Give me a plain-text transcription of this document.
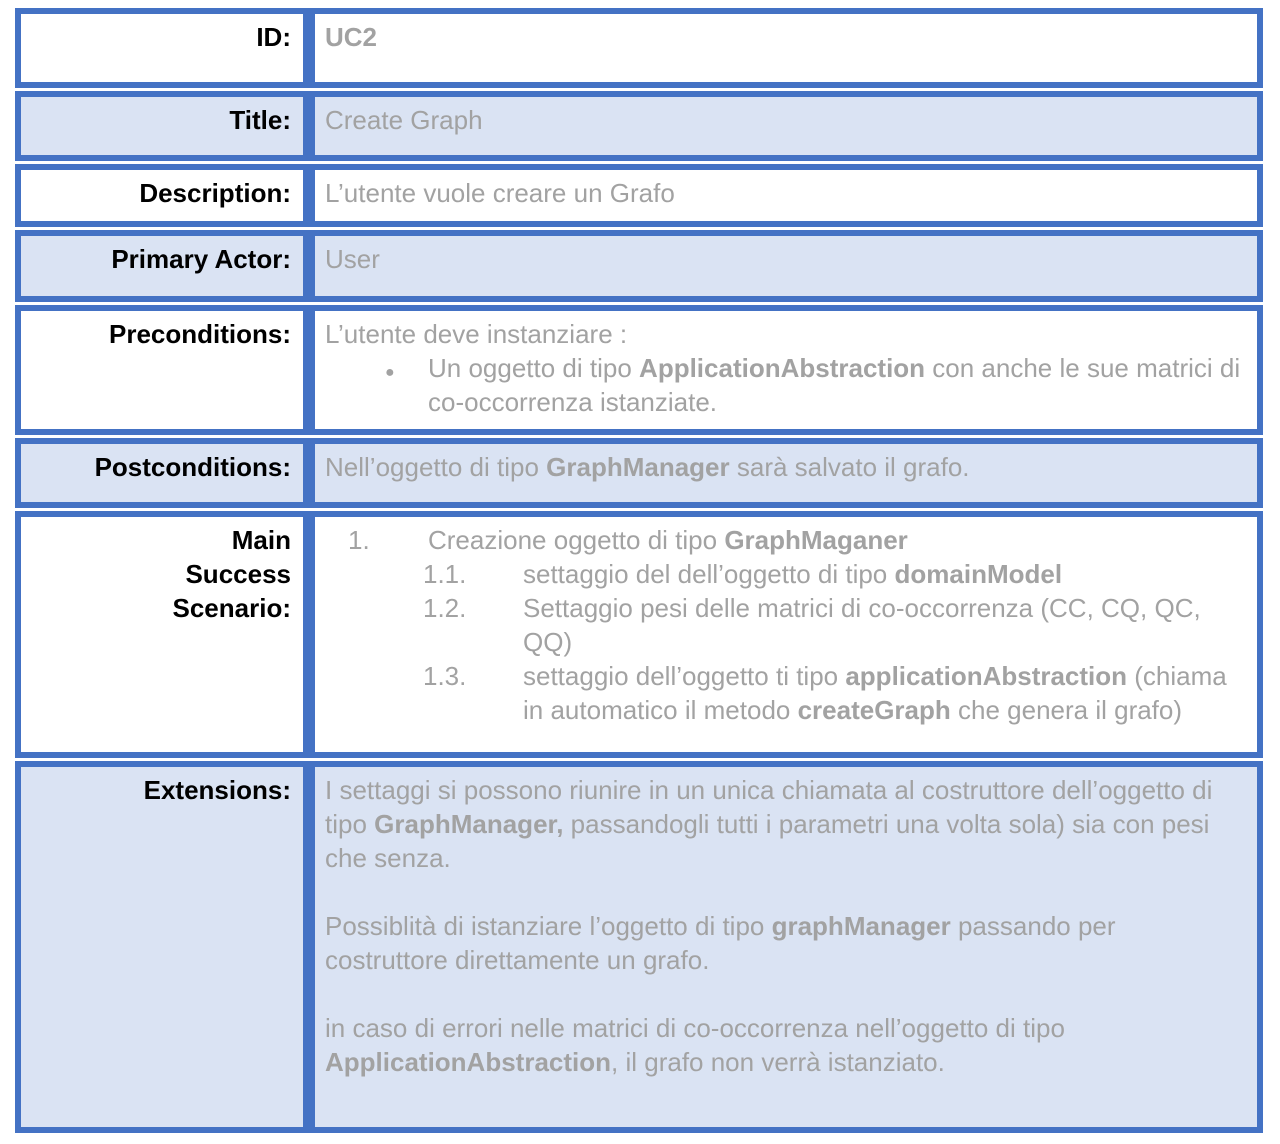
ID:	UC2
Title:	Create Graph
Description:	L’utente vuole creare un Grafo
Primary Actor:	User
Preconditions:	L’utente deve instanziare :
●	Un oggetto di tipo ApplicationAbstraction con anche le sue matrici di co-occorrenza istanziate.
Postconditions:	Nell’oggetto di tipo GraphManager sarà salvato il grafo.
Main Success Scenario:
1.	Creazione oggetto di tipo GraphMaganer
1.1.	settaggio del dell’oggetto di tipo domainModel
1.2.	Settaggio pesi delle matrici di co-occorrenza (CC, CQ, QC, QQ)
1.3.	settaggio dell’oggetto ti tipo applicationAbstraction (chiama in automatico il metodo createGraph che genera il grafo)
Extensions:	I settaggi si possono riunire in un unica chiamata al costruttore dell’oggetto di tipo GraphManager, passandogli tutti i parametri una volta sola) sia con pesi che senza.
Possiblità di istanziare l’oggetto di tipo graphManager passando per costruttore direttamente un grafo.
in caso di errori nelle matrici di co-occorrenza nell’oggetto di tipo ApplicationAbstraction, il grafo non verrà istanziato.
